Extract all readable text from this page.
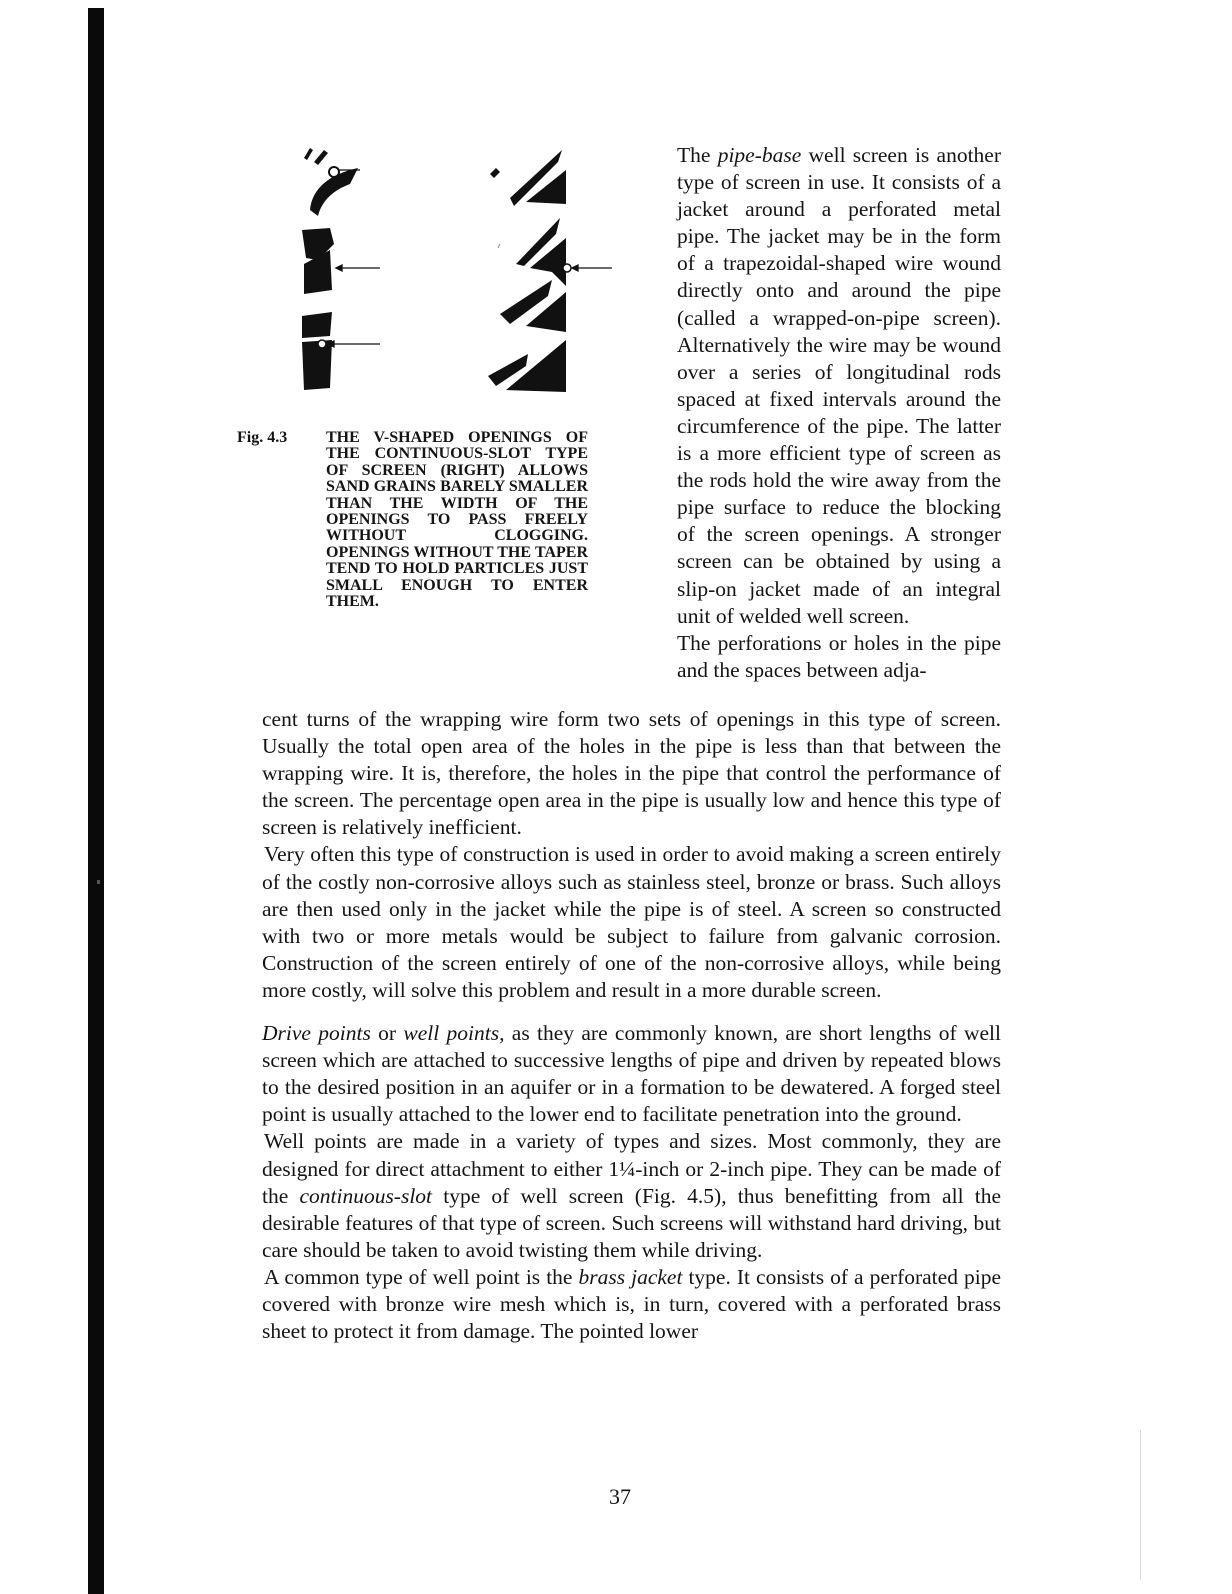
Fig. 4.3	THE V-SHAPED OPENINGS OF THE CONTINUOUS-SLOT TYPE OF SCREEN (RIGHT) ALLOWS SAND GRAINS BARELY SMALLER THAN THE WIDTH OF THE OPENINGS TO PASS FREELY WITHOUT CLOGGING. OPENINGS WITHOUT THE TAPER TEND TO HOLD PARTICLES JUST SMALL ENOUGH TO ENTER THEM.

The pipe-base well screen is another type of screen in use. It consists of a jacket around a perforated metal pipe. The jacket may be in the form of a trapezoidal-shaped wire wound directly onto and around the pipe (called a wrapped-on-pipe screen). Alternatively the wire may be wound over a series of longitudinal rods spaced at fixed intervals around the circumference of the pipe. The latter is a more efficient type of screen as the rods hold the wire away from the pipe surface to reduce the blocking of the screen openings. A stronger screen can be obtained by using a slip-on jacket made of an integral unit of welded well screen.

The perforations or holes in the pipe and the spaces between adja-

cent turns of the wrapping wire form two sets of openings in this type of screen. Usually the total open area of the holes in the pipe is less than that between the wrapping wire. It is, therefore, the holes in the pipe that control the performance of the screen. The percentage open area in the pipe is usually low and hence this type of screen is relatively inefficient.

Very often this type of construction is used in order to avoid making a screen entirely of the costly non-corrosive alloys such as stainless steel, bronze or brass. Such alloys are then used only in the jacket while the pipe is of steel. A screen so constructed with two or more metals would be subject to failure from galvanic corrosion. Construction of the screen entirely of one of the non-corrosive alloys, while being more costly, will solve this problem and result in a more durable screen.

Drive points or well points, as they are commonly known, are short lengths of well screen which are attached to successive lengths of pipe and driven by repeated blows to the desired position in an aquifer or in a formation to be dewatered. A forged steel point is usually attached to the lower end to facilitate penetration into the ground.

Well points are made in a variety of types and sizes. Most commonly, they are designed for direct attachment to either 1¼-inch or 2-inch pipe. They can be made of the continuous-slot type of well screen (Fig. 4.5), thus benefitting from all the desirable features of that type of screen. Such screens will withstand hard driving, but care should be taken to avoid twisting them while driving.

A common type of well point is the brass jacket type. It consists of a perforated pipe covered with bronze wire mesh which is, in turn, covered with a perforated brass sheet to protect it from damage. The pointed lower

37
